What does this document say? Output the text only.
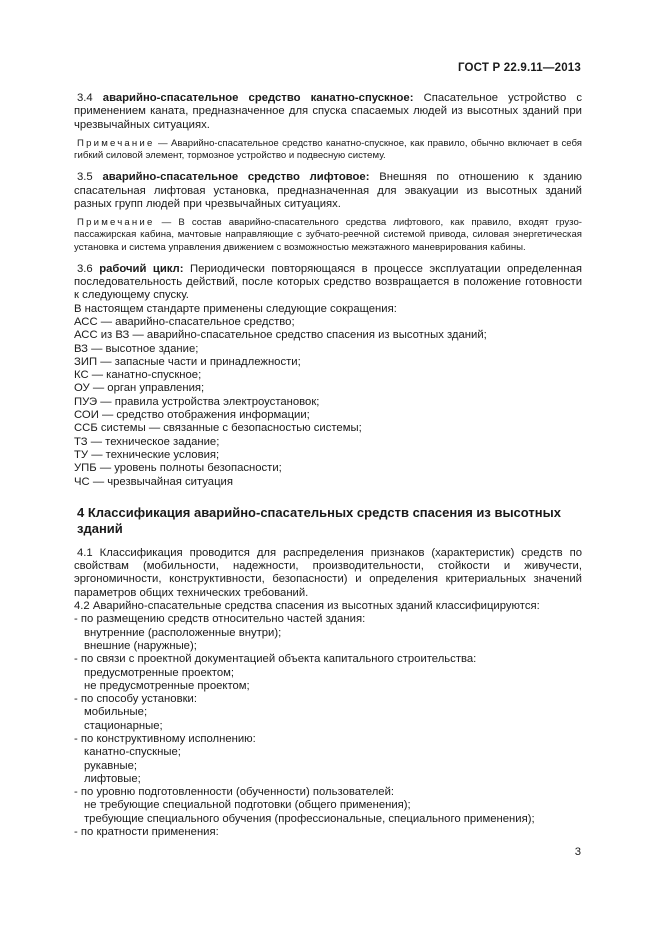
ГОСТ Р 22.9.11—2013

3.4 аварийно-спасательное средство канатно-спускное: Спасательное устройство с применением каната, предназначенное для спуска спасаемых людей из высотных зданий при чрезвычайных ситуациях.

Примечание — Аварийно-спасательное средство канатно-спускное, как правило, обычно включает в себя гибкий силовой элемент, тормозное устройство и подвесную систему.

3.5 аварийно-спасательное средство лифтовое: Внешняя по отношению к зданию спасательная лифтовая установка, предназначенная для эвакуации из высотных зданий разных групп людей при чрезвычайных ситуациях.

Примечание — В состав аварийно-спасательного средства лифтового, как правило, входят грузо-пассажирская кабина, мачтовые направляющие с зубчато-реечной системой привода, силовая энергетическая установка и система управления движением с возможностью межэтажного маневрирования кабины.

3.6 рабочий цикл: Периодически повторяющаяся в процессе эксплуатации определенная последовательность действий, после которых средство возвращается в положение готовности к следующему спуску.

В настоящем стандарте применены следующие сокращения:

АСС — аварийно-спасательное средство;

АСС из ВЗ — аварийно-спасательное средство спасения из высотных зданий;

ВЗ — высотное здание;

ЗИП — запасные части и принадлежности;

КС — канатно-спускное;

ОУ — орган управления;

ПУЭ — правила устройства электроустановок;

СОИ — средство отображения информации;

ССБ системы — связанные с безопасностью системы;

ТЗ — техническое задание;

ТУ — технические условия;

УПБ — уровень полноты безопасности;

ЧС — чрезвычайная ситуация

4 Классификация аварийно-спасательных средств спасения из высотных зданий

4.1 Классификация проводится для распределения признаков (характеристик) средств по свойствам (мобильности, надежности, производительности, стойкости и живучести, эргономичности, конструктивности, безопасности) и определения критериальных значений параметров общих технических требований.

4.2 Аварийно-спасательные средства спасения из высотных зданий классифицируются:

- по размещению средств относительно частей здания:

внутренние (расположенные внутри);

внешние (наружные);

- по связи с проектной документацией объекта капитального строительства:

предусмотренные проектом;

не предусмотренные проектом;

- по способу установки:

мобильные;

стационарные;

- по конструктивному исполнению:

канатно-спускные;

рукавные;

лифтовые;

- по уровню подготовленности (обученности) пользователей:

не требующие специальной подготовки (общего применения);

требующие специального обучения (профессиональные, специального применения);

- по кратности применения:

3
